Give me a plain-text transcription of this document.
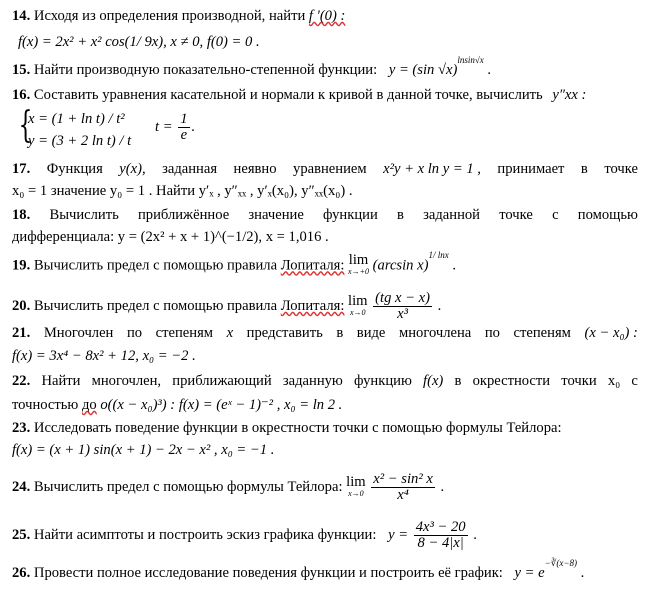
14. Исходя из определения производной, найти f ′(0) :
f(x) = 2x² + x² cos(1/ 9x), x ≠ 0, f(0) = 0 .
15. Найти производную показательно-степенной функции: y = (sin √x)$^{lnsin√x}$ .
16. Составить уравнения касательной и нормали к кривой в данной точке, вычислить y″xx :
{
x = (1 + ln t) / t²
y = (3 + 2 ln t) / t
$t = \frac{1}{e}$ .
17. Функция y(x), заданная неявно уравнением x²y + x ln y = 1 , принимает в точке
x₀ = 1 значение y₀ = 1 . Найти y′ₓ , y″ₓₓ , y′ₓ(x₀), y″ₓₓ(x₀) .
18. Вычислить приближённое значение функции в заданной точке с помощью
дифференциала: y = (2x² + x + 1)^(−1/2), x = 1,016 .
19. Вычислить предел с помощью правила Лопиталя: lim
x→+0 (arcsin x)$^{1/ lnx}$ .
20. Вычислить предел с помощью правила Лопиталя: lim
x→0
$\frac{\text{(tg x − x)}}{\text{x³}}$ .
21. Многочлен по степеням x представить в виде многочлена по степеням (x − x₀) :
f(x) = 3x⁴ − 8x² + 12, x₀ = −2 .
22. Найти многочлен, приближающий заданную функцию f(x) в окрестности точки x₀ с
точностью до o((x − x₀)³) : f(x) = (eˣ − 1)⁻² , x₀ = ln 2 .
23. Исследовать поведение функции в окрестности точки с помощью формулы Тейлора:
f(x) = (x + 1) sin(x + 1) − 2x − x² , x₀ = −1 .
24. Вычислить предел с помощью формулы Тейлора: lim
x→0
$\frac{\text{x² − sin² x}}{\text{x⁴}}$ .
25. Найти асимптоты и построить эскиз графика функции: $y = \frac{\text{4x³ − 20}}{8 - 4|x|}$ .
26. Провести полное исследование поведения функции и построить её график: $y = e^{-∛(x-8)}$ .
